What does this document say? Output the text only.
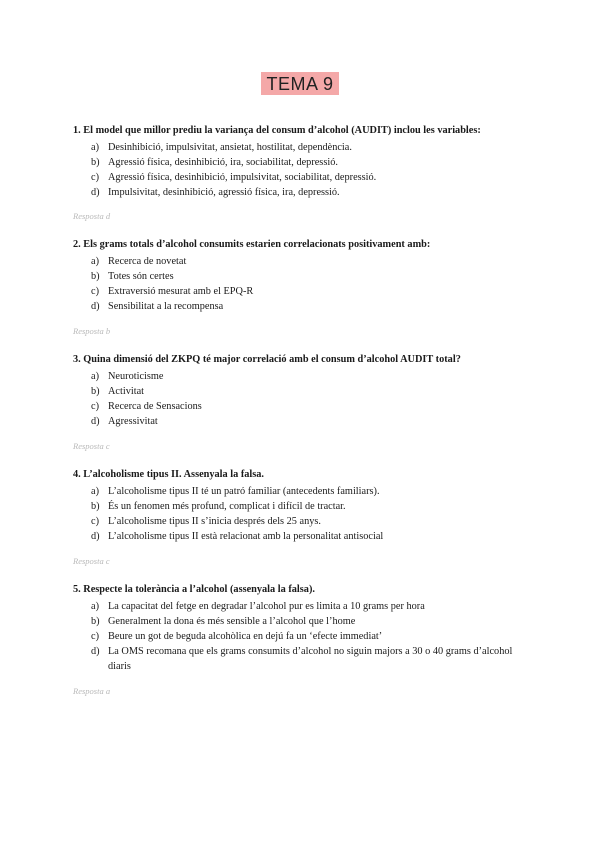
TEMA 9

1. El model que millor prediu la variança del consum d’alcohol (AUDIT) inclou les variables:

a) Desinhibició, impulsivitat, ansietat, hostilitat, dependència.
b) Agressió física, desinhibició, ira, sociabilitat, depressió.
c) Agressió física, desinhibició, impulsivitat, sociabilitat, depressió.
d) Impulsivitat, desinhibició, agressió física, ira, depressió.
Resposta d

2. Els grams totals d’alcohol consumits estarien correlacionats positivament amb:

a) Recerca de novetat
b) Totes són certes
c) Extraversió mesurat amb el EPQ-R
d) Sensibilitat a la recompensa
Resposta b

3. Quina dimensió del ZKPQ té major correlació amb el consum d’alcohol AUDIT total?

a) Neuroticisme
b) Activitat
c) Recerca de Sensacions
d) Agressivitat
Resposta c

4. L’alcoholisme tipus II. Assenyala la falsa.

a) L’alcoholisme tipus II té un patró familiar (antecedents familiars).
b) És un fenomen més profund, complicat i difícil de tractar.
c) L’alcoholisme tipus II s’inicia després dels 25 anys.
d) L’alcoholisme tipus II està relacionat amb la personalitat antisocial
Resposta c

5. Respecte la tolerància a l’alcohol (assenyala la falsa).

a) La capacitat del fetge en degradar l’alcohol pur es limita a 10 grams per hora
b) Generalment la dona és més sensible a l’alcohol que l’home
c) Beure un got de beguda alcohòlica en dejú fa un ‘efecte immediat’
d) La OMS recomana que els grams consumits d’alcohol no siguin majors a 30 o 40 grams d’alcohol diaris
Resposta a
